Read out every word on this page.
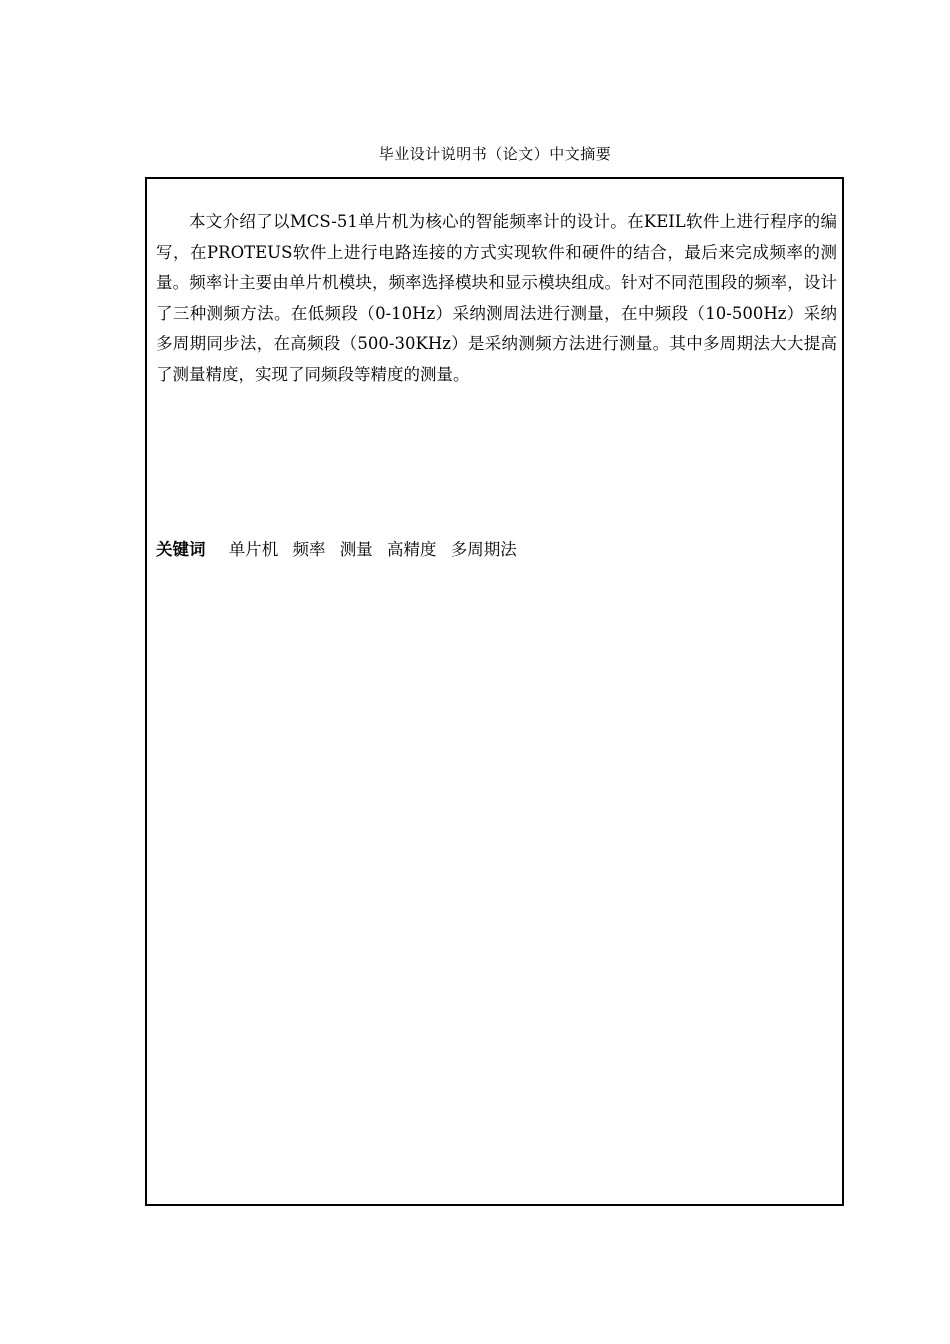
毕业设计说明书（论文）中文摘要

本文介绍了以MCS-51单片机为核心的智能频率计的设计。在KEIL软件上进行程序的编写，在PROTEUS软件上进行电路连接的方式实现软件和硬件的结合，最后来完成频率的测量。频率计主要由单片机模块，频率选择模块和显示模块组成。针对不同范围段的频率，设计了三种测频方法。在低频段（0-10Hz）采纳测周法进行测量，在中频段（10-500Hz）采纳多周期同步法，在高频段（500-30KHz）是采纳测频方法进行测量。其中多周期法大大提高了测量精度，实现了同频段等精度的测量。

关键词 单片机 频率 测量 高精度 多周期法
